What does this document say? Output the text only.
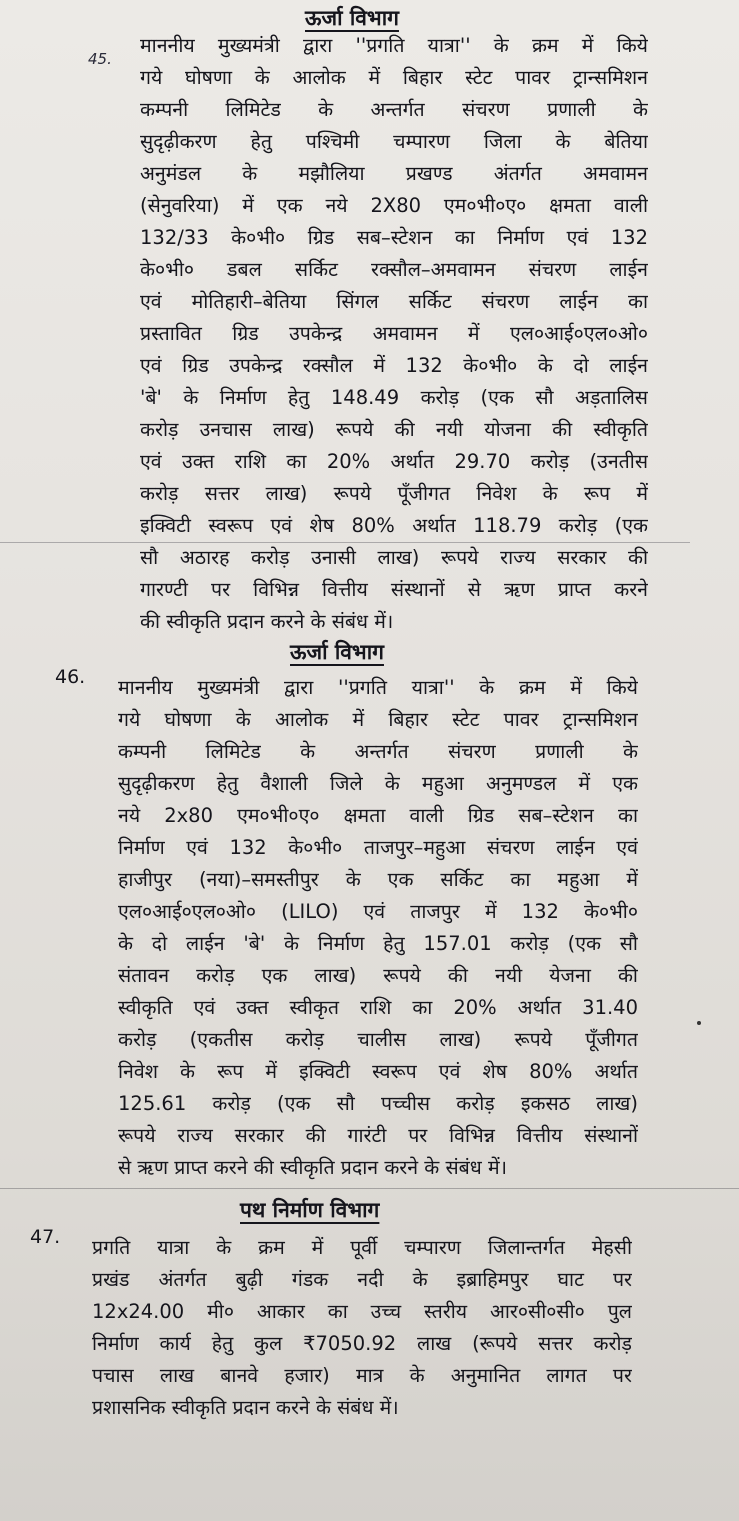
ऊर्जा विभाग
45.
माननीय मुख्यमंत्री द्वारा ''प्रगति यात्रा'' के क्रम में किये
गये घोषणा के आलोक में बिहार स्टेट पावर ट्रान्समिशन
कम्पनी लिमिटेड के अन्तर्गत संचरण प्रणाली के
सुदृढ़ीकरण हेतु पश्चिमी चम्पारण जिला के बेतिया
अनुमंडल के मझौलिया प्रखण्ड अंतर्गत अमवामन
(सेनुवरिया) में एक नये 2X80 एम०भी०ए० क्षमता वाली
132/33 के०भी० ग्रिड सब–स्टेशन का निर्माण एवं 132
के०भी० डबल सर्किट रक्सौल–अमवामन संचरण लाईन
एवं मोतिहारी–बेतिया सिंगल सर्किट संचरण लाईन का
प्रस्तावित ग्रिड उपकेन्द्र अमवामन में एल०आई०एल०ओ०
एवं ग्रिड उपकेन्द्र रक्सौल में 132 के०भी० के दो लाईन
'बे' के निर्माण हेतु 148.49 करोड़ (एक सौ अड़तालिस
करोड़ उनचास लाख) रूपये की नयी योजना की स्वीकृति
एवं उक्त राशि का 20% अर्थात 29.70 करोड़ (उनतीस
करोड़ सत्तर लाख) रूपये पूँजीगत निवेश के रूप में
इक्विटी स्वरूप एवं शेष 80% अर्थात 118.79 करोड़ (एक
सौ अठारह करोड़ उनासी लाख) रूपये राज्य सरकार की
गारण्टी पर विभिन्न वित्तीय संस्थानों से ऋण प्राप्त करने
की स्वीकृति प्रदान करने के संबंध में।
ऊर्जा विभाग
46. माननीय मुख्यमंत्री द्वारा ''प्रगति यात्रा'' के क्रम में किये
गये घोषणा के आलोक में बिहार स्टेट पावर ट्रान्समिशन
कम्पनी लिमिटेड के अन्तर्गत संचरण प्रणाली के
सुदृढ़ीकरण हेतु वैशाली जिले के महुआ अनुमण्डल में एक
नये 2x80 एम०भी०ए० क्षमता वाली ग्रिड सब–स्टेशन का
निर्माण एवं 132 के०भी० ताजपुर–महुआ संचरण लाईन एवं
हाजीपुर (नया)–समस्तीपुर के एक सर्किट का महुआ में
एल०आई०एल०ओ० (LILO) एवं ताजपुर में 132 के०भी०
के दो लाईन 'बे' के निर्माण हेतु 157.01 करोड़ (एक सौ
संतावन करोड़ एक लाख) रूपये की नयी येजना की
स्वीकृति एवं उक्त स्वीकृत राशि का 20% अर्थात 31.40
करोड़ (एकतीस करोड़ चालीस लाख) रूपये पूँजीगत
निवेश के रूप में इक्विटी स्वरूप एवं शेष 80% अर्थात
125.61 करोड़ (एक सौ पच्चीस करोड़ इकसठ लाख)
रूपये राज्य सरकार की गारंटी पर विभिन्न वित्तीय संस्थानों
से ऋण प्राप्त करने की स्वीकृति प्रदान करने के संबंध में।
पथ निर्माण विभाग
47. प्रगति यात्रा के क्रम में पूर्वी चम्पारण जिलान्तर्गत मेहसी
प्रखंड अंतर्गत बुढ़ी गंडक नदी के इब्राहिमपुर घाट पर
12x24.00 मी० आकार का उच्च स्तरीय आर०सी०सी० पुल
निर्माण कार्य हेतु कुल ₹7050.92 लाख (रूपये सत्तर करोड़
पचास लाख बानवे हजार) मात्र के अनुमानित लागत पर
प्रशासनिक स्वीकृति प्रदान करने के संबंध में।
